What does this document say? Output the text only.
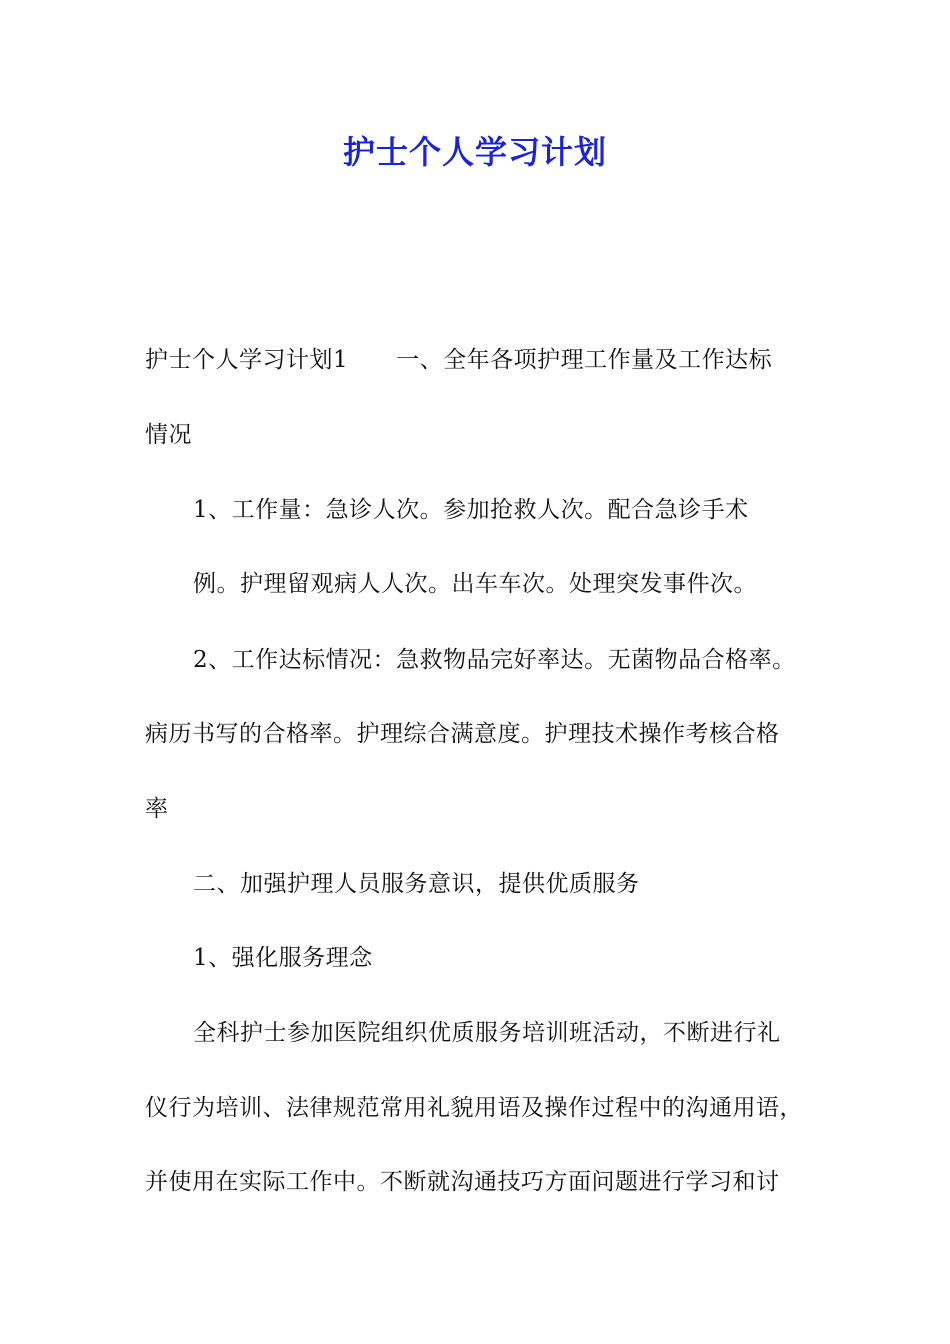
护士个人学习计划
护士个人学习计划1 一、全年各项护理工作量及工作达标
情况
1、工作量：急诊人次。参加抢救人次。配合急诊手术
例。护理留观病人人次。出车车次。处理突发事件次。
2、工作达标情况：急救物品完好率达。无菌物品合格率。
病历书写的合格率。护理综合满意度。护理技术操作考核合格
率
二、加强护理人员服务意识，提供优质服务
1、强化服务理念
全科护士参加医院组织优质服务培训班活动，不断进行礼
仪行为培训、法律规范常用礼貌用语及操作过程中的沟通用语，
并使用在实际工作中。不断就沟通技巧方面问题进行学习和讨
